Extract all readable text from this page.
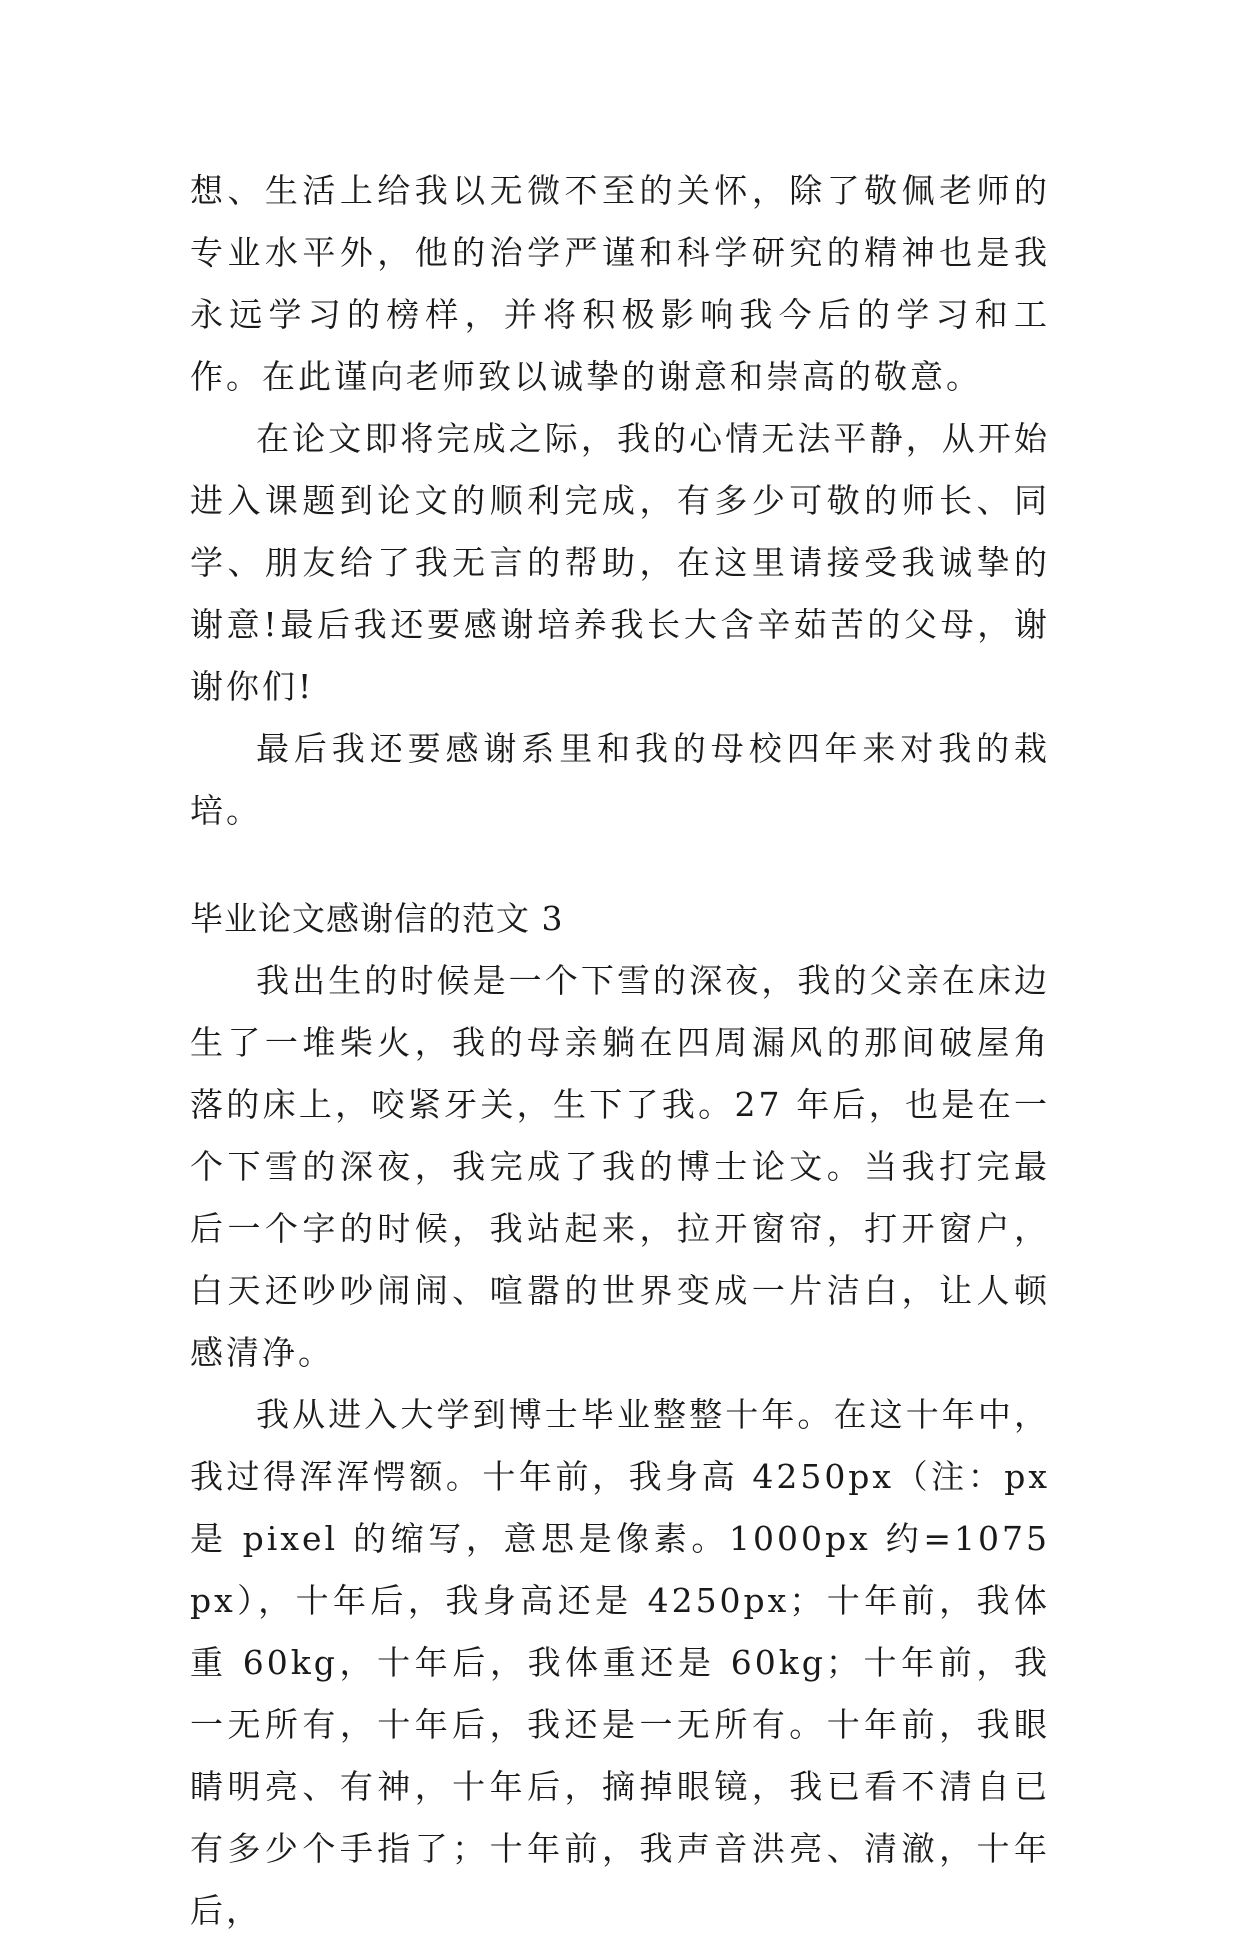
想、生活上给我以无微不至的关怀，除了敬佩老师的专业水平外，他的治学严谨和科学研究的精神也是我永远学习的榜样，并将积极影响我今后的学习和工作。在此谨向老师致以诚挚的谢意和崇高的敬意。

在论文即将完成之际，我的心情无法平静，从开始进入课题到论文的顺利完成，有多少可敬的师长、同学、朋友给了我无言的帮助，在这里请接受我诚挚的谢意!最后我还要感谢培养我长大含辛茹苦的父母，谢谢你们!

最后我还要感谢系里和我的母校四年来对我的栽培。

毕业论文感谢信的范文 3

我出生的时候是一个下雪的深夜，我的父亲在床边生了一堆柴火，我的母亲躺在四周漏风的那间破屋角落的床上，咬紧牙关，生下了我。27 年后，也是在一个下雪的深夜，我完成了我的博士论文。当我打完最后一个字的时候，我站起来，拉开窗帘，打开窗户，白天还吵吵闹闹、喧嚣的世界变成一片洁白，让人顿感清净。

我从进入大学到博士毕业整整十年。在这十年中，我过得浑浑愕额。十年前，我身高 4250px（注：px 是 pixel 的缩写，意思是像素。1000px 约=1075px），十年后，我身高还是 4250px；十年前，我体重 60kg，十年后，我体重还是 60kg；十年前，我一无所有，十年后，我还是一无所有。十年前，我眼睛明亮、有神，十年后，摘掉眼镜，我已看不清自已有多少个手指了；十年前，我声音洪亮、清澈，十年后，
